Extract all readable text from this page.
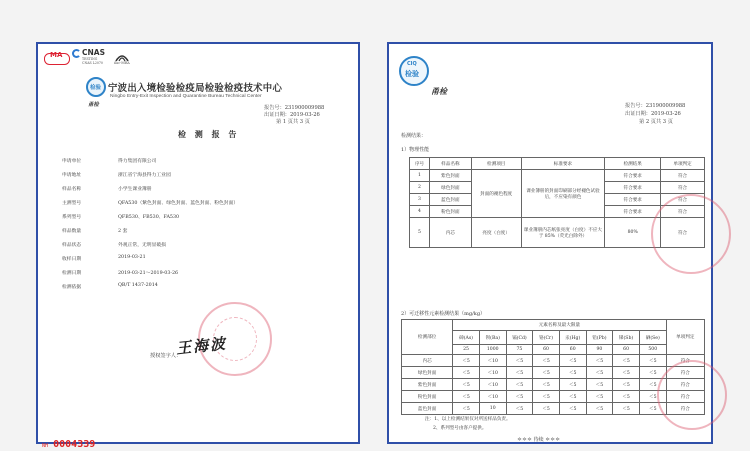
MA	CNAS
TESTING
CNAS L2070	ilac-MRA
检验 宁波出入境检验检疫局检验检疫技术中心
Ningbo Entry-Exit Inspection and Quarantine Bureau Technical Center
甬检	报告号：231900009988
出证日期：2019-03-26
第 1 页共 3 页
检 测 报 告
申请单位	得力集团有限公司
申请地址	浙江省宁海县得力工业园
样品名称	小学生课业簿册
主测型号	QFA530（紫色封面、绿色封面、蓝色封面、粉色封面）
系列型号	QFB530、FB530、FA530
样品数量	2 套
样品状态	外观正常，无明显破损
收样日期	2019-03-21
检测日期	2019-03-21～2019-03-26
检测依据	QB/T 1437-2014
授权签字人：
王海波
NH 0004339
CIQ
检验
甬检
报告号：231900009988
出证日期：2019-03-26
第 2 页共 3 页
检测结果：
1）物理性能
序号	样品名称	检测项目	标准要求	检测结果	单项判定
1	紫色封面	封面的褪色程度	课业簿册的封面印刷部分经褪色试验后，不应染有颜色	符合要求	符合
2	绿色封面			符合要求	符合
3	蓝色封面			符合要求	符合
4	粉色封面			符合要求	符合
5	内芯	亮度（白度）	课业簿册内芯纸张亮度（白度）不应大于 85%（荧光白除外）	80%	符合
2）可迁移性元素检测结果（mg/kg）
检测部位	元素名称及最大限量								单项判定
	砷(As)	钡(Ba)	镉(Cd)	铬(Cr)	汞(Hg)	铅(Pb)	锑(Sb)	硒(Se)	
	25	1000	75	60	60	90	60	500	
内芯	＜5	＜10	＜5	＜5	＜5	＜5	＜5	＜5	符合
绿色封面	＜5	＜10	＜5	＜5	＜5	＜5	＜5	＜5	符合
紫色封面	＜5	＜10	＜5	＜5	＜5	＜5	＜5	＜5	符合
粉色封面	＜5	＜10	＜5	＜5	＜5	＜5	＜5	＜5	符合
蓝色封面	＜5	10	＜5	＜5	＜5	＜5	＜5	＜5	符合
注：1、以上检测结果仅对所送样品负责。
2、系列型号由客户提供。
＊＊＊ 待续 ＊＊＊
